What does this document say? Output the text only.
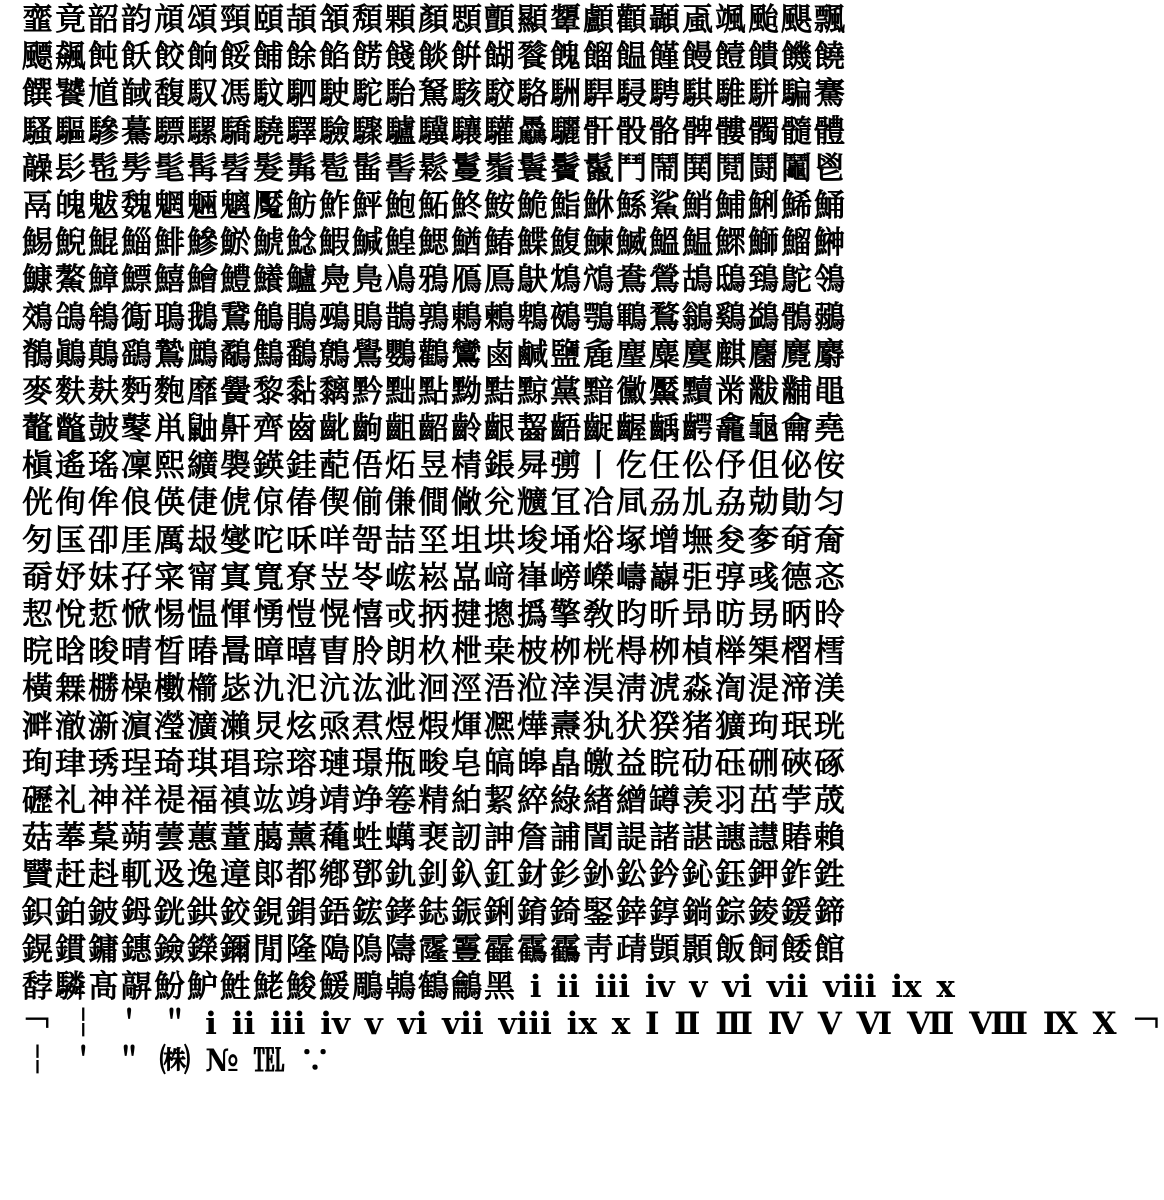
韲竟韶韵頏頌頸頤頡頷頽顆顏顋顫顯顰顱顴顳颪颯颱颶飄
飃飆飩飫餃餉餒餔餘餡餝餞餤餠餬餮餽餾饂饉饅饐饋饑饒
饌饕馗馘馥馭馮馼駟駛駝駘駑駭駮駱駲駻駸騁騏騅駢騙騫
騷驅驂驀驃騾驕驍驛驗驟驢驥驤驩驫驪骭骰骼髀髏髑髓體
髞髟髢髣髦髯髫髮髴髱髷髻鬆鬘鬚鬟鬢鬣鬥鬧鬨鬩鬪鬮鬯
鬲魄魃魏魍魎魑魘魴鮓鮃鮑鮖鮗鮟鮠鮨鮴鯀鯊鮹鯆鯏鯑鯒
鯣鯢鯤鯔鯡鰺鯲鯱鯰鰕鰔鰉鰓鰌鰆鰈鰒鰊鰄鰮鰛鰥鰤鰡鰰
鱇鰲鱆鰾鱚鱠鱧鱶鱸鳧鳬鳰鴉鴈鳫鴃鴆鴪鴦鶯鴣鴟鵄鴕鴒
鵁鴿鴾鵆鵈鵝鵞鵤鵑鵐鵙鵲鶉鶇鶫鵯鵺鶚鶤鶩鶲鷄鷁鶻鶸
鶺鷆鷏鷂鷙鷓鷸鷦鷭鷯鷽鸚鸛鸞鹵鹹鹽麁麈麋麌麒麕麑麝
麥麩麸麪麭靡黌黎黏黐黔黜點黝黠黥黨黯黴黶黷黹黻黼黽
鼇鼈皷鼕鼡鼬鼾齊齒齔齣齟齠齡齦齧齬齪齷齲齶龕龜龠堯
槇遙瑤凜熙纊褜鍈銈蓜俉炻昱棈鋹曻彅丨仡仼伀伃伹佖侒
侊侚侔俍偀倢俿倞偆偰偂傔僴僘兊兤冝冾凬刕劜劦勀勛匀
匇匤卲厓厲叝燮咜咊咩哿喆坙坥垬埈埇焀塚增墲夋奓奛奝
奣妤妺孖寀甯寘寬尞岦岺峵崧嵓﨑嵂嵭嶸嶹巐弡弴彧德忞
恝悅悊惞惕愠惲愑愷愰憘戓抦揵摠撝擎敎昀昕昻昉昮昞昤
晥晗晙晴晳暙暠暲暿曺朎朗杦枻桒柀栁桄棏栁楨榉榘槢樰
橫橆橳橾櫢櫤毖氿汜沆汯泚洄涇浯涖涬淏淸淲淼渹湜渧渼
溿澈澵濵瀅瀇瀨炅炫焏焄煜煆煇凞燁燾犱犾猤猪獷玽珉珖
珣珒琇珵琦琪琩琮瑢璉璟甁畯皂皜皞皛皦益睆劯砡硎硤硺
礰礼神祥禔福禛竑竧靖竫箞精絈絜綷綠緖繒罇羡羽茁荢荿
菇菶葈蒴蕓蕙蕫﨟薰蘒﨡蠇裵訒訷詹誧誾諟諸諶譓譿賰賴
贒赶﨣軏﨤逸遧郞都鄕鄧釚釗釞釭釮釤釥鈆鈐鈊鈺鉀鈼鉎
鉙鉑鈹鉧銧鉷鉸鋧鋗鋙鋐﨧鋕鋠鋓錥錡鋻﨨錞鋿錝錂鍰鍗
鎤鏆鏞鏸鐱鑅鑈閒隆﨩隝隯霳霻靃靍靏靑靕顗顥飯飼餧館
馞驎髙髜魵魲鮏鮱鮻鰀鵰鵫鶴鸙黑 ⅰ ⅱ ⅲ ⅳ ⅴ ⅵ ⅶ ⅷ ⅸ ⅹ
￢ ￤ ＇ ＂ ⅰ ⅱ ⅲ ⅳ ⅴ ⅵ ⅶ ⅷ ⅸ ⅹ Ⅰ Ⅱ Ⅲ Ⅳ Ⅴ Ⅵ Ⅶ Ⅷ Ⅸ Ⅹ ￢
￤ ＇ ＂ ㈱ № ℡ ∵
